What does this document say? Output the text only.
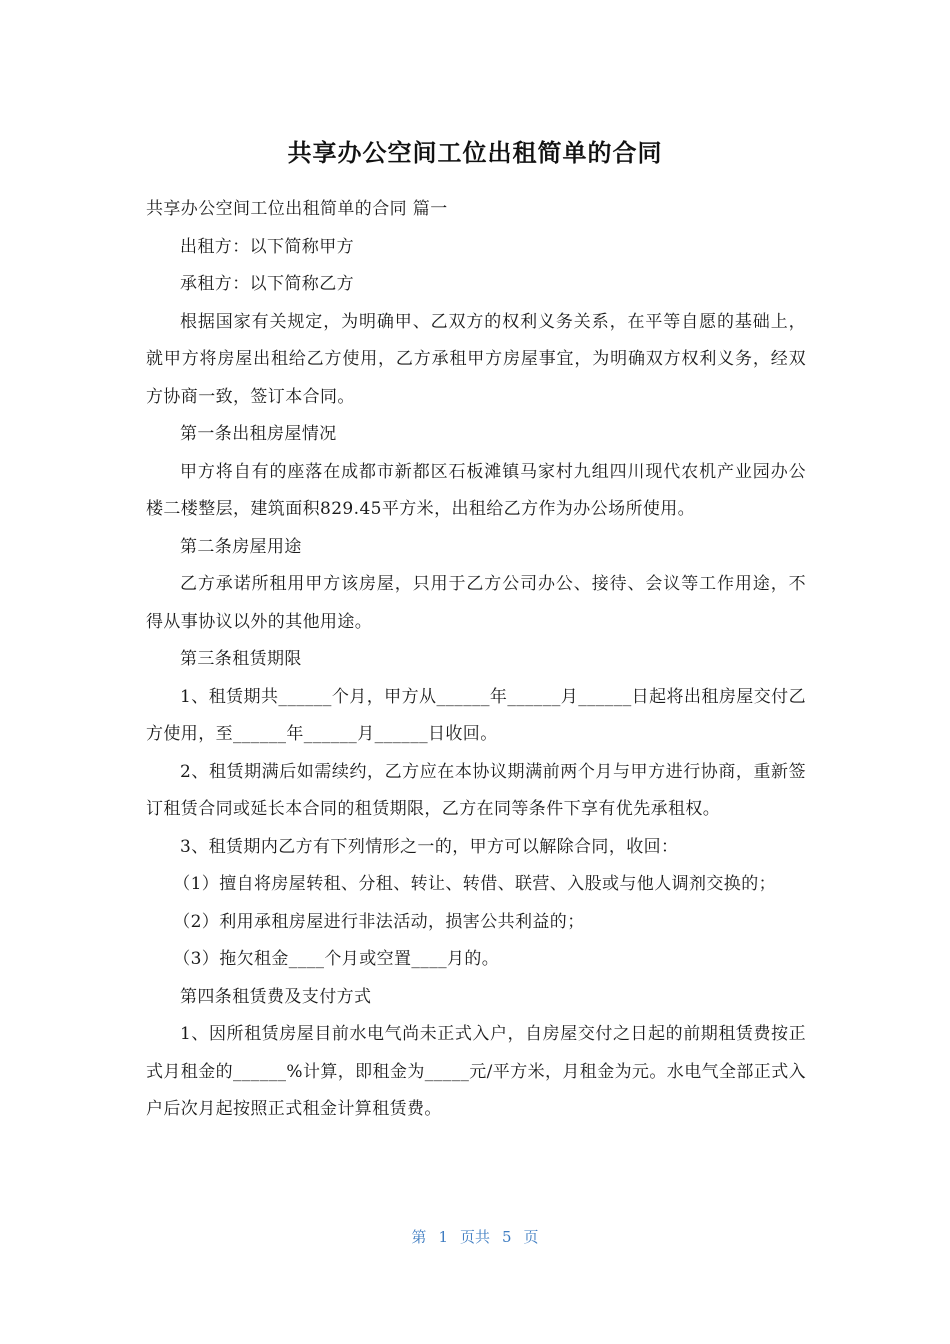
共享办公空间工位出租简单的合同

共享办公空间工位出租简单的合同 篇一

出租方：以下简称甲方

承租方：以下简称乙方

根据国家有关规定，为明确甲、乙双方的权利义务关系，在平等自愿的基础上，就甲方将房屋出租给乙方使用，乙方承租甲方房屋事宜，为明确双方权利义务，经双方协商一致，签订本合同。

第一条出租房屋情况

甲方将自有的座落在成都市新都区石板滩镇马家村九组四川现代农机产业园办公楼二楼整层，建筑面积829.45平方米，出租给乙方作为办公场所使用。

第二条房屋用途

乙方承诺所租用甲方该房屋，只用于乙方公司办公、接待、会议等工作用途，不得从事协议以外的其他用途。

第三条租赁期限

1、租赁期共______个月，甲方从______年______月______日起将出租房屋交付乙方使用，至______年______月______日收回。

2、租赁期满后如需续约，乙方应在本协议期满前两个月与甲方进行协商，重新签订租赁合同或延长本合同的租赁期限，乙方在同等条件下享有优先承租权。

3、租赁期内乙方有下列情形之一的，甲方可以解除合同，收回：

（1）擅自将房屋转租、分租、转让、转借、联营、入股或与他人调剂交换的；

（2）利用承租房屋进行非法活动，损害公共利益的；

（3）拖欠租金____个月或空置____月的。

第四条租赁费及支付方式

1、因所租赁房屋目前水电气尚未正式入户，自房屋交付之日起的前期租赁费按正式月租金的______%计算，即租金为_____元/平方米，月租金为元。水电气全部正式入户后次月起按照正式租金计算租赁费。

第 1 页共 5 页
